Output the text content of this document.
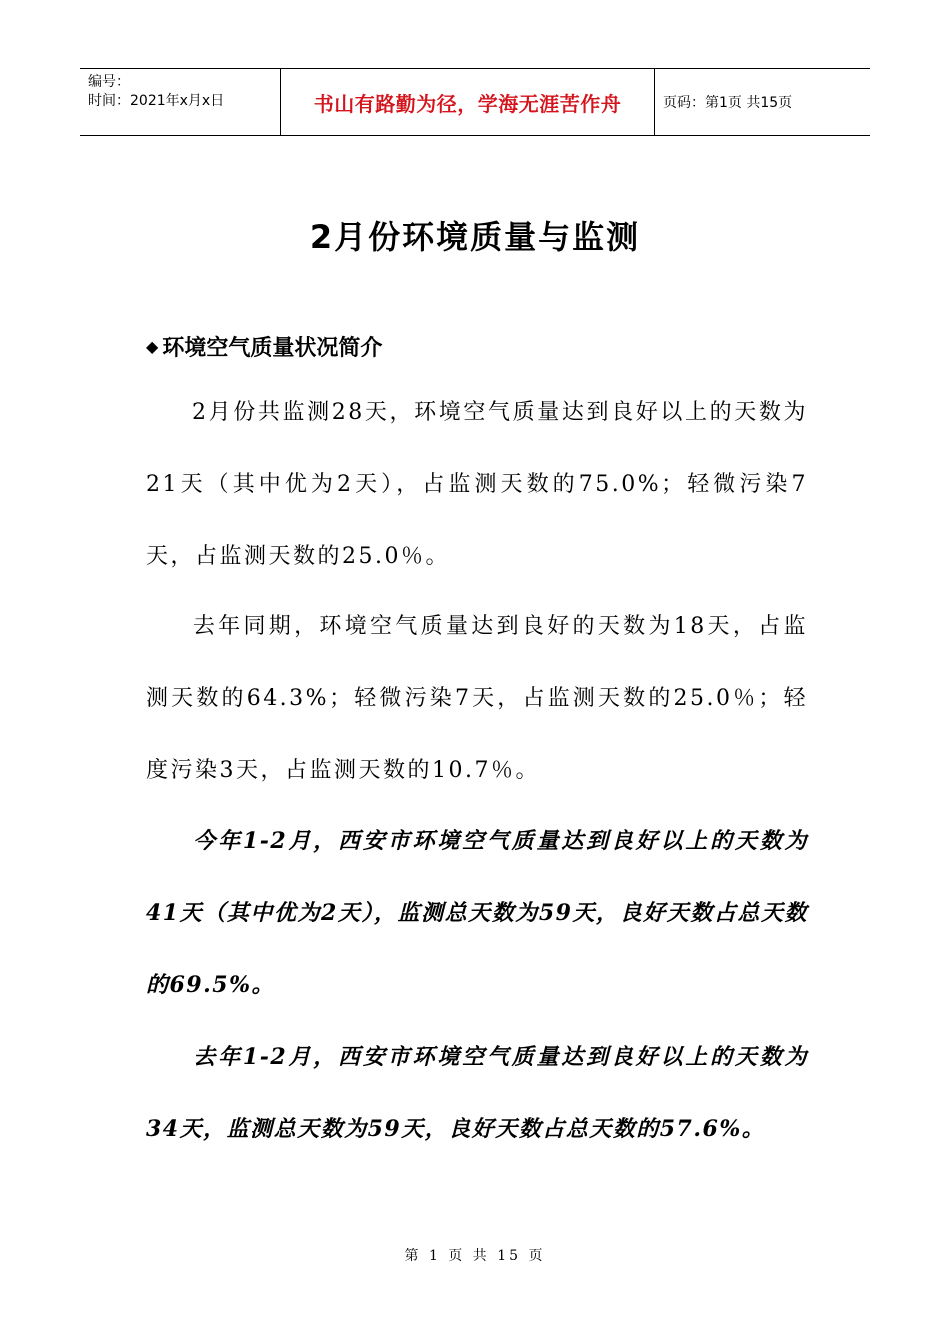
编号：
时间：2021年x月x日	书山有路勤为径，学海无涯苦作舟	页码：第1页 共15页
2月份环境质量与监测
◆ 环境空气质量状况简介

2月份共监测28天，环境空气质量达到良好以上的天数为21天（其中优为2天），占监测天数的75.0%；轻微污染7天，占监测天数的25.0％。

去年同期，环境空气质量达到良好的天数为18天，占监测天数的64.3%；轻微污染7天，占监测天数的25.0％；轻度污染3天，占监测天数的10.7％。

今年1-2月，西安市环境空气质量达到良好以上的天数为41天（其中优为2天），监测总天数为59天，良好天数占总天数的69.5%。

去年1-2月，西安市环境空气质量达到良好以上的天数为34天，监测总天数为59天，良好天数占总天数的57.6%。

第 1 页 共 15 页
